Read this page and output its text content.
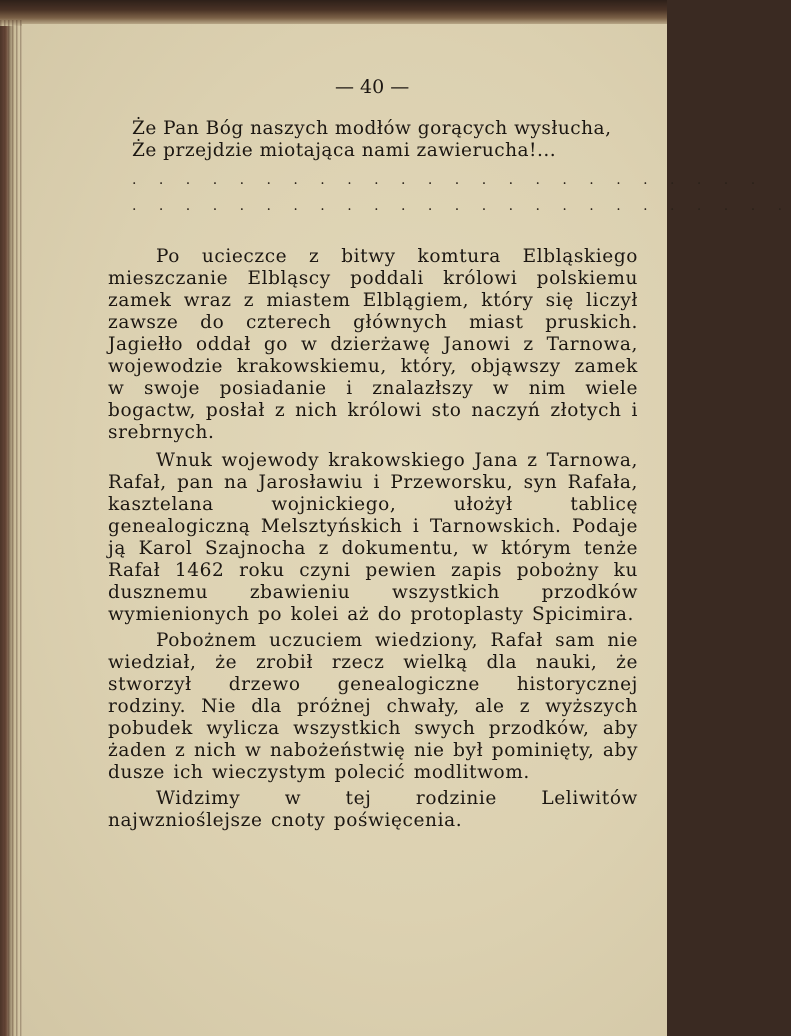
— 40 —

Że Pan Bóg naszych modłów gorących wysłucha,

Że przejdzie miotająca nami zawierucha!...

. . . . . . . . . . . . . . . . . . . . . . . .

. . . . . . . . . . . . . . . . . . . . . . . . .

Po ucieczce z bitwy komtura Elbląskiego mieszczanie Elbląscy poddali królowi polskiemu zamek wraz z miastem Elblągiem, który się liczył zawsze do czterech głównych miast pruskich. Jagiełło oddał go w dzierżawę Janowi z Tarnowa, wojewodzie krakowskiemu, który, objąwszy zamek w swoje posiadanie i znalazłszy w nim wiele bogactw, posłał z nich królowi sto naczyń złotych i srebrnych.

Wnuk wojewody krakowskiego Jana z Tarnowa, Rafał, pan na Jarosławiu i Przeworsku, syn Rafała, kasztelana wojnickiego, ułożył tablicę genealogiczną Melsztyńskich i Tarnowskich. Podaje ją Karol Szajnocha z dokumentu, w którym tenże Rafał 1462 roku czyni pewien zapis pobożny ku dusznemu zbawieniu wszystkich przodków wymienionych po kolei aż do protoplasty Spicimira.

Pobożnem uczuciem wiedziony, Rafał sam nie wiedział, że zrobił rzecz wielką dla nauki, że stworzył drzewo genealogiczne historycznej rodziny. Nie dla próżnej chwały, ale z wyższych pobudek wylicza wszystkich swych przodków, aby żaden z nich w nabożeństwię nie był pominięty, aby dusze ich wieczystym polecić modlitwom.

Widzimy w tej rodzinie Leliwitów najwznioślejsze cnoty poświęcenia.
